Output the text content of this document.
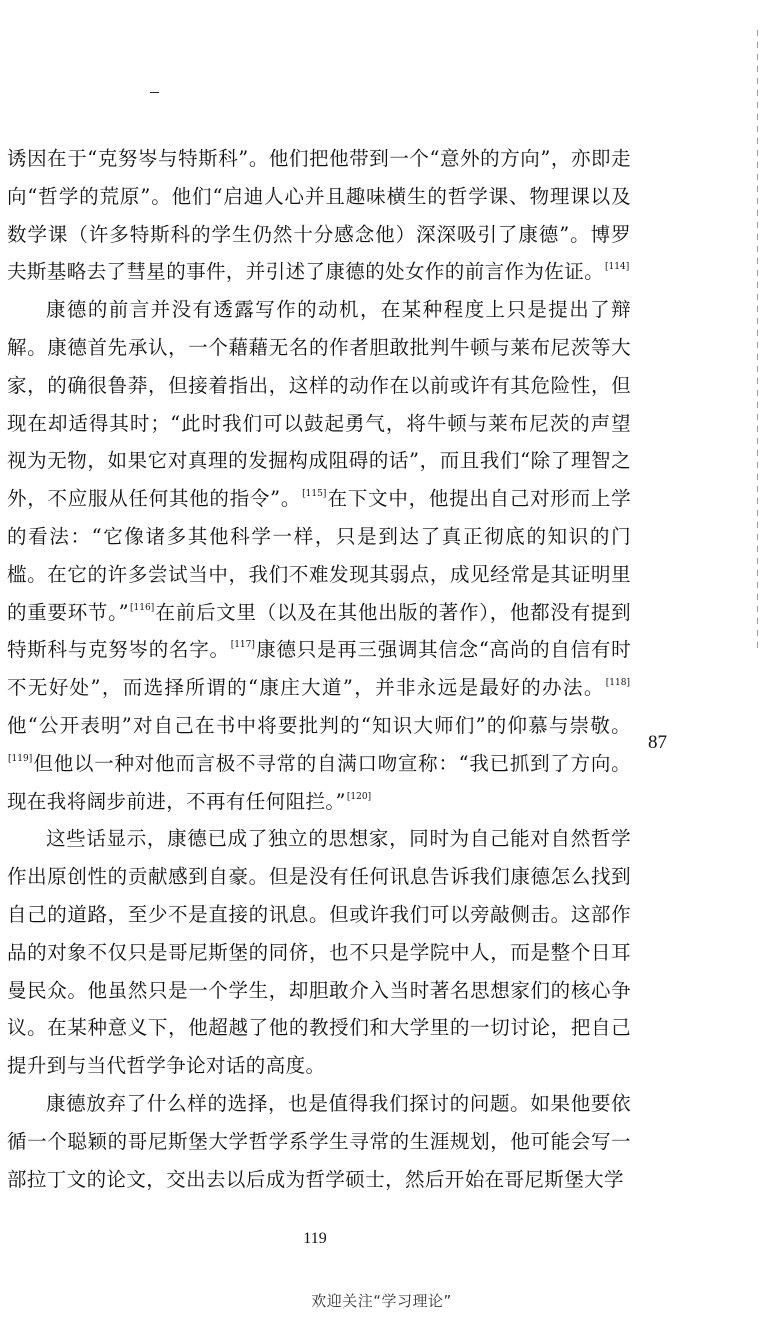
诱因在于“克努岑与特斯科”。他们把他带到一个“意外的方向”，亦即走向“哲学的荒原”。他们“启迪人心并且趣味横生的哲学课、物理课以及数学课（许多特斯科的学生仍然十分感念他）深深吸引了康德”。博罗夫斯基略去了彗星的事件，并引述了康德的处女作的前言作为佐证。[114]

康德的前言并没有透露写作的动机，在某种程度上只是提出了辩解。康德首先承认，一个藉藉无名的作者胆敢批判牛顿与莱布尼茨等大家，的确很鲁莽，但接着指出，这样的动作在以前或许有其危险性，但现在却适得其时；“此时我们可以鼓起勇气，将牛顿与莱布尼茨的声望视为无物，如果它对真理的发掘构成阻碍的话”，而且我们“除了理智之外，不应服从任何其他的指令”。[115]在下文中，他提出自己对形而上学的看法：“它像诸多其他科学一样，只是到达了真正彻底的知识的门槛。在它的许多尝试当中，我们不难发现其弱点，成见经常是其证明里的重要环节。”[116]在前后文里（以及在其他出版的著作），他都没有提到特斯科与克努岑的名字。[117]康德只是再三强调其信念“高尚的自信有时不无好处”，而选择所谓的“康庄大道”，并非永远是最好的办法。[118]他“公开表明”对自己在书中将要批判的“知识大师们”的仰慕与崇敬。[119]但他以一种对他而言极不寻常的自满口吻宣称：“我已抓到了方向。现在我将阔步前进，不再有任何阻拦。”[120]

这些话显示，康德已成了独立的思想家，同时为自己能对自然哲学作出原创性的贡献感到自豪。但是没有任何讯息告诉我们康德怎么找到自己的道路，至少不是直接的讯息。但或许我们可以旁敲侧击。这部作品的对象不仅只是哥尼斯堡的同侪，也不只是学院中人，而是整个日耳曼民众。他虽然只是一个学生，却胆敢介入当时著名思想家们的核心争议。在某种意义下，他超越了他的教授们和大学里的一切讨论，把自己提升到与当代哲学争论对话的高度。

康德放弃了什么样的选择，也是值得我们探讨的问题。如果他要依循一个聪颖的哥尼斯堡大学哲学系学生寻常的生涯规划，他可能会写一部拉丁文的论文，交出去以后成为哲学硕士，然后开始在哥尼斯堡大学

87
119
欢迎关注“学习理论”
